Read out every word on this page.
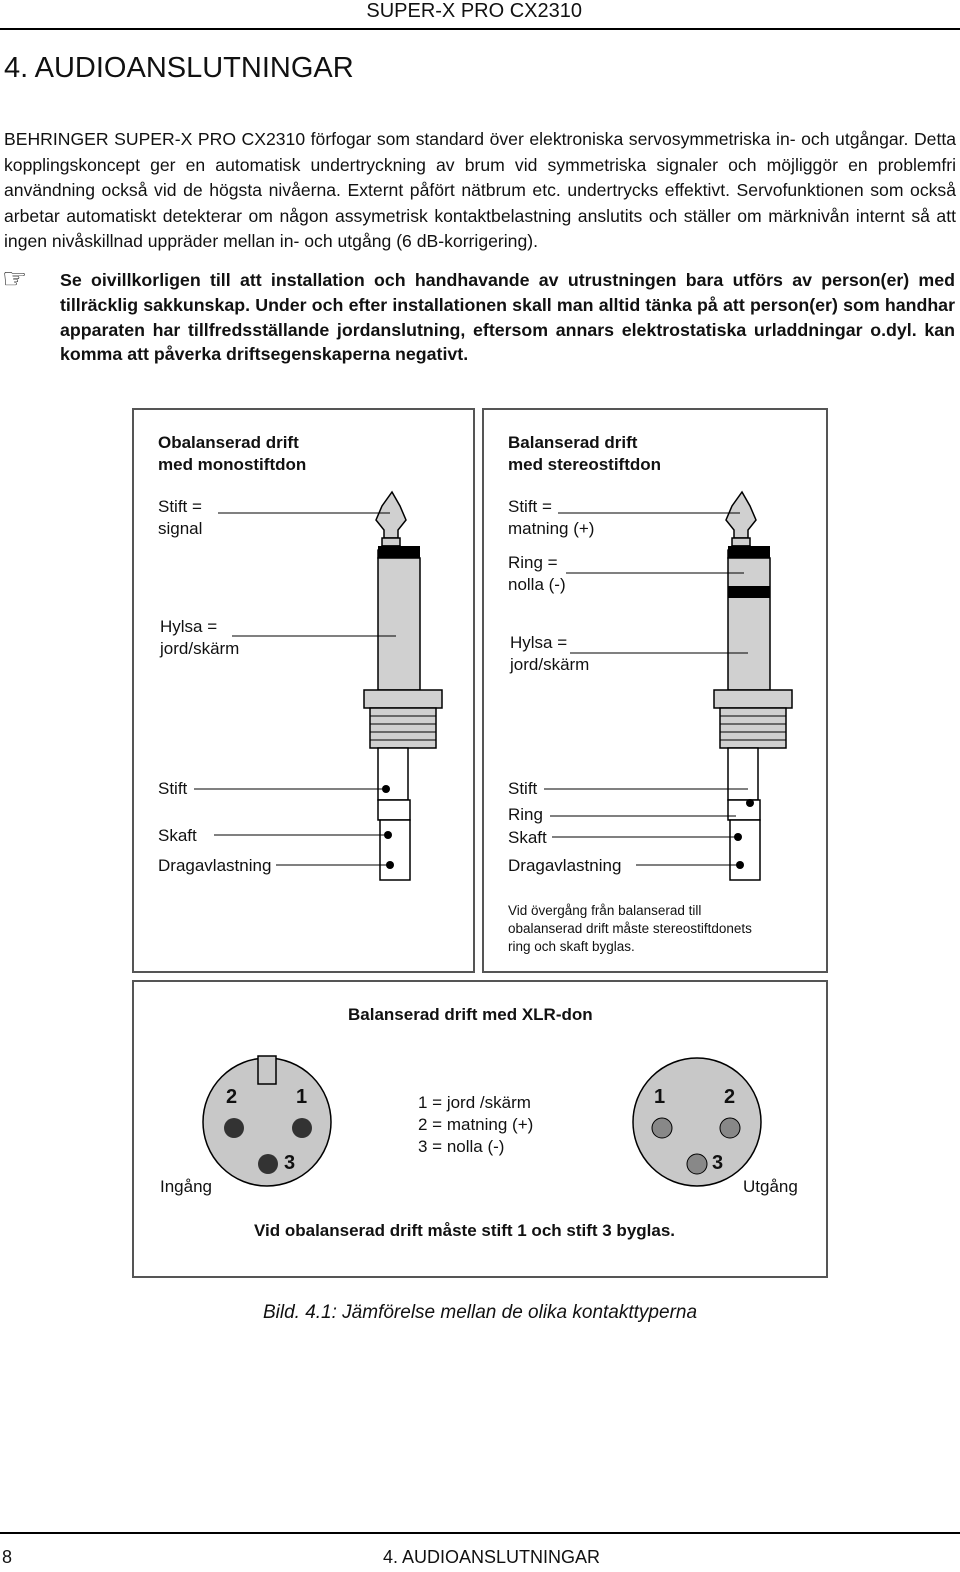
SUPER-X PRO CX2310
4. AUDIOANSLUTNINGAR
BEHRINGER SUPER-X PRO CX2310 förfogar som standard över elektroniska servosymmetriska in- och utgångar. Detta kopplingskoncept ger en automatisk undertryckning av brum vid symmetriska signaler och möjliggör en problemfri användning också vid de högsta nivåerna. Externt påfört nätbrum etc. undertrycks effektivt. Servofunktionen som också arbetar automatiskt detekterar om någon assymetrisk kontaktbelastning anslutits och ställer om märknivån internt så att ingen nivåskillnad uppräder mellan in- och utgång (6 dB-korrigering).
☞ Se oivillkorligen till att installation och handhavande av utrustningen bara utförs av person(er) med tillräcklig sakkunskap. Under och efter installationen skall man alltid tänka på att person(er) som handhar apparaten har tillfredsställande jordanslutning, eftersom annars elektrostatiska urladdningar o.dyl. kan komma att påverka driftsegenskaperna negativt.
Obalanserad drift
med monostiftdon
Stift =
signal
Hylsa =
jord/skärm
Stift
Skaft
Dragavlastning
Balanserad drift
med stereostiftdon
Stift =
matning (+)
Ring =
nolla (-)
Hylsa =
jord/skärm
Stift
Ring
Skaft
Dragavlastning
Vid övergång från balanserad till
obalanserad drift måste stereostiftdonets
ring och skaft byglas.
Balanserad drift med XLR-don
2	1
3
1	2
3
1 = jord /skärm
2 = matning (+)
3 = nolla (-)
Ingång	Utgång
Vid obalanserad drift måste stift 1 och stift 3 byglas.
Bild. 4.1: Jämförelse mellan de olika kontakttyperna
8	4. AUDIOANSLUTNINGAR
